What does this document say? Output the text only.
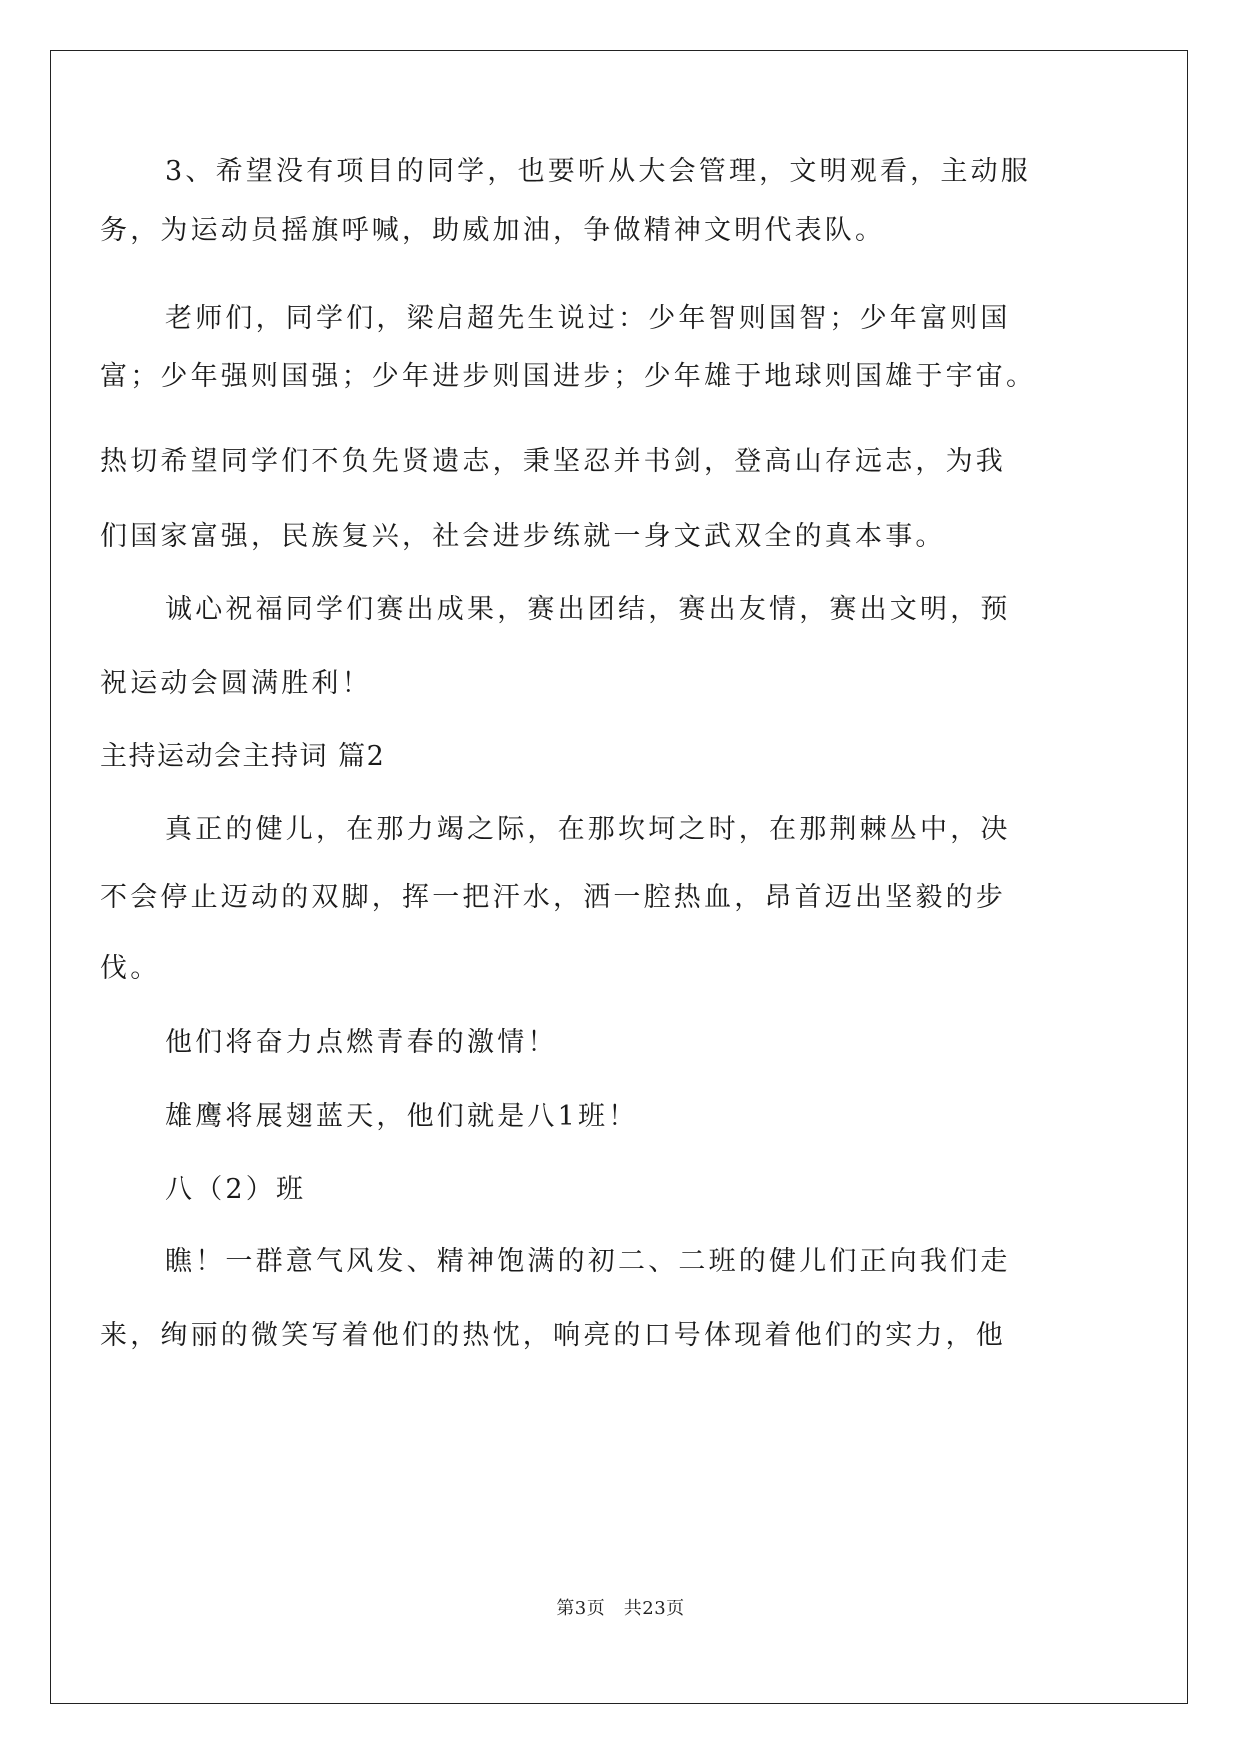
3、希望没有项目的同学，也要听从大会管理，文明观看，主动服

务，为运动员摇旗呼喊，助威加油，争做精神文明代表队。

老师们，同学们，梁启超先生说过：少年智则国智；少年富则国

富；少年强则国强；少年进步则国进步；少年雄于地球则国雄于宇宙。

热切希望同学们不负先贤遗志，秉坚忍并书剑，登高山存远志，为我

们国家富强，民族复兴，社会进步练就一身文武双全的真本事。

诚心祝福同学们赛出成果，赛出团结，赛出友情，赛出文明，预

祝运动会圆满胜利！

主持运动会主持词 篇2

真正的健儿，在那力竭之际，在那坎坷之时，在那荆棘丛中，决

不会停止迈动的双脚，挥一把汗水，洒一腔热血，昂首迈出坚毅的步

伐。

他们将奋力点燃青春的激情！

雄鹰将展翅蓝天，他们就是八1班！

八（2）班

瞧！一群意气风发、精神饱满的初二、二班的健儿们正向我们走

来，绚丽的微笑写着他们的热忱，响亮的口号体现着他们的实力，他

第3页　共23页
